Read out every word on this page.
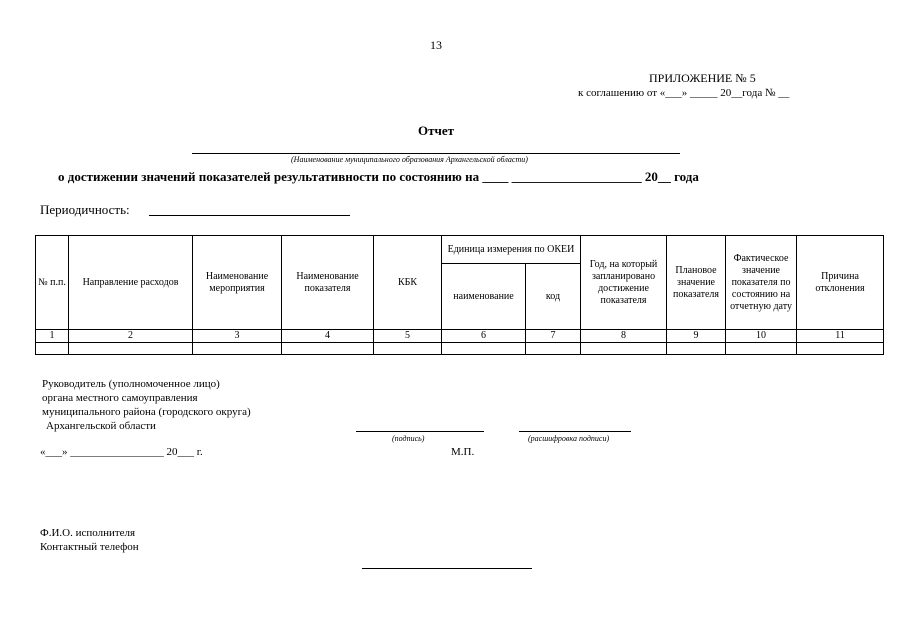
13
ПРИЛОЖЕНИЕ № 5
к соглашению от «___» _____ 20__года № __
Отчет
(Наименование муниципального образования Архангельской области)
о достижении значений показателей результативности по состоянию на ____ ____________________ 20__ года
Периодичность:
№ п.п.	Направление расходов	Наименование мероприятия	Наименование показателя	КБК	Единица измерения по ОКЕИ		Год, на который запланировано достижение показателя	Плановое значение показателя	Фактическое значение показателя по состоянию на отчетную дату	Причина отклонения
					наименование	код				
1	2	3	4	5	6	7	8	9	10	11

Руководитель (уполномоченное лицо)
органа местного самоуправления
муниципального района (городского округа)
Архангельской области
(подпись)	(расшифровка подписи)
«___» _________________ 20___ г.	М.П.
Ф.И.О. исполнителя
Контактный телефон
